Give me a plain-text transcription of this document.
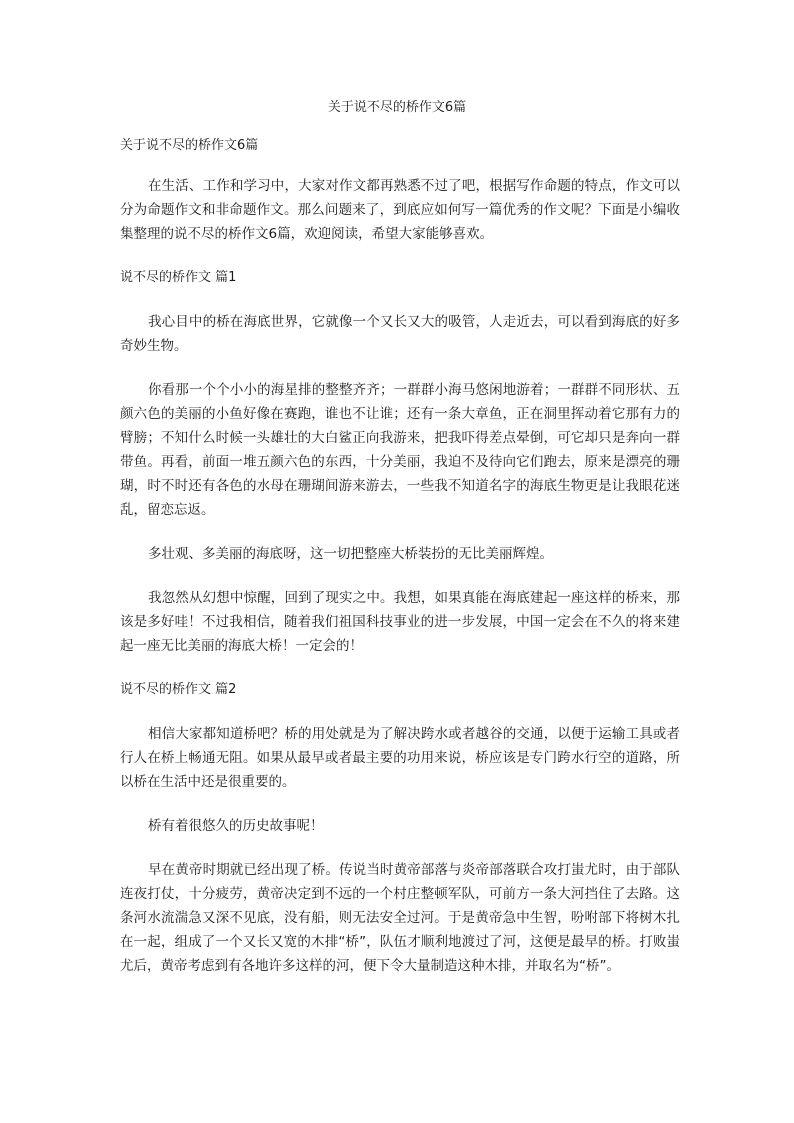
关于说不尽的桥作文6篇

关于说不尽的桥作文6篇

在生活、工作和学习中，大家对作文都再熟悉不过了吧，根据写作命题的特点，作文可以分为命题作文和非命题作文。那么问题来了，到底应如何写一篇优秀的作文呢？下面是小编收集整理的说不尽的桥作文6篇，欢迎阅读，希望大家能够喜欢。

说不尽的桥作文 篇1

我心目中的桥在海底世界，它就像一个又长又大的吸管，人走近去，可以看到海底的好多奇妙生物。

你看那一个个小小的海星排的整整齐齐；一群群小海马悠闲地游着；一群群不同形状、五颜六色的美丽的小鱼好像在赛跑，谁也不让谁；还有一条大章鱼，正在洞里挥动着它那有力的臂膀；不知什么时候一头雄壮的大白鲨正向我游来，把我吓得差点晕倒，可它却只是奔向一群带鱼。再看，前面一堆五颜六色的东西，十分美丽，我迫不及待向它们跑去，原来是漂亮的珊瑚，时不时还有各色的水母在珊瑚间游来游去，一些我不知道名字的海底生物更是让我眼花迷乱，留恋忘返。

多壮观、多美丽的海底呀，这一切把整座大桥装扮的无比美丽辉煌。

我忽然从幻想中惊醒，回到了现实之中。我想，如果真能在海底建起一座这样的桥来，那该是多好哇！不过我相信，随着我们祖国科技事业的进一步发展，中国一定会在不久的将来建起一座无比美丽的海底大桥！一定会的！

说不尽的桥作文 篇2

相信大家都知道桥吧？桥的用处就是为了解决跨水或者越谷的交通，以便于运输工具或者行人在桥上畅通无阻。如果从最早或者最主要的功用来说，桥应该是专门跨水行空的道路，所以桥在生活中还是很重要的。

桥有着很悠久的历史故事呢！

早在黄帝时期就已经出现了桥。传说当时黄帝部落与炎帝部落联合攻打蚩尤时，由于部队连夜打仗，十分疲劳，黄帝决定到不远的一个村庄整顿军队，可前方一条大河挡住了去路。这条河水流湍急又深不见底，没有船，则无法安全过河。于是黄帝急中生智，吩咐部下将树木扎在一起，组成了一个又长又宽的木排“桥”，队伍才顺利地渡过了河，这便是最早的桥。打败蚩尤后，黄帝考虑到有各地许多这样的河，便下令大量制造这种木排，并取名为“桥”。
